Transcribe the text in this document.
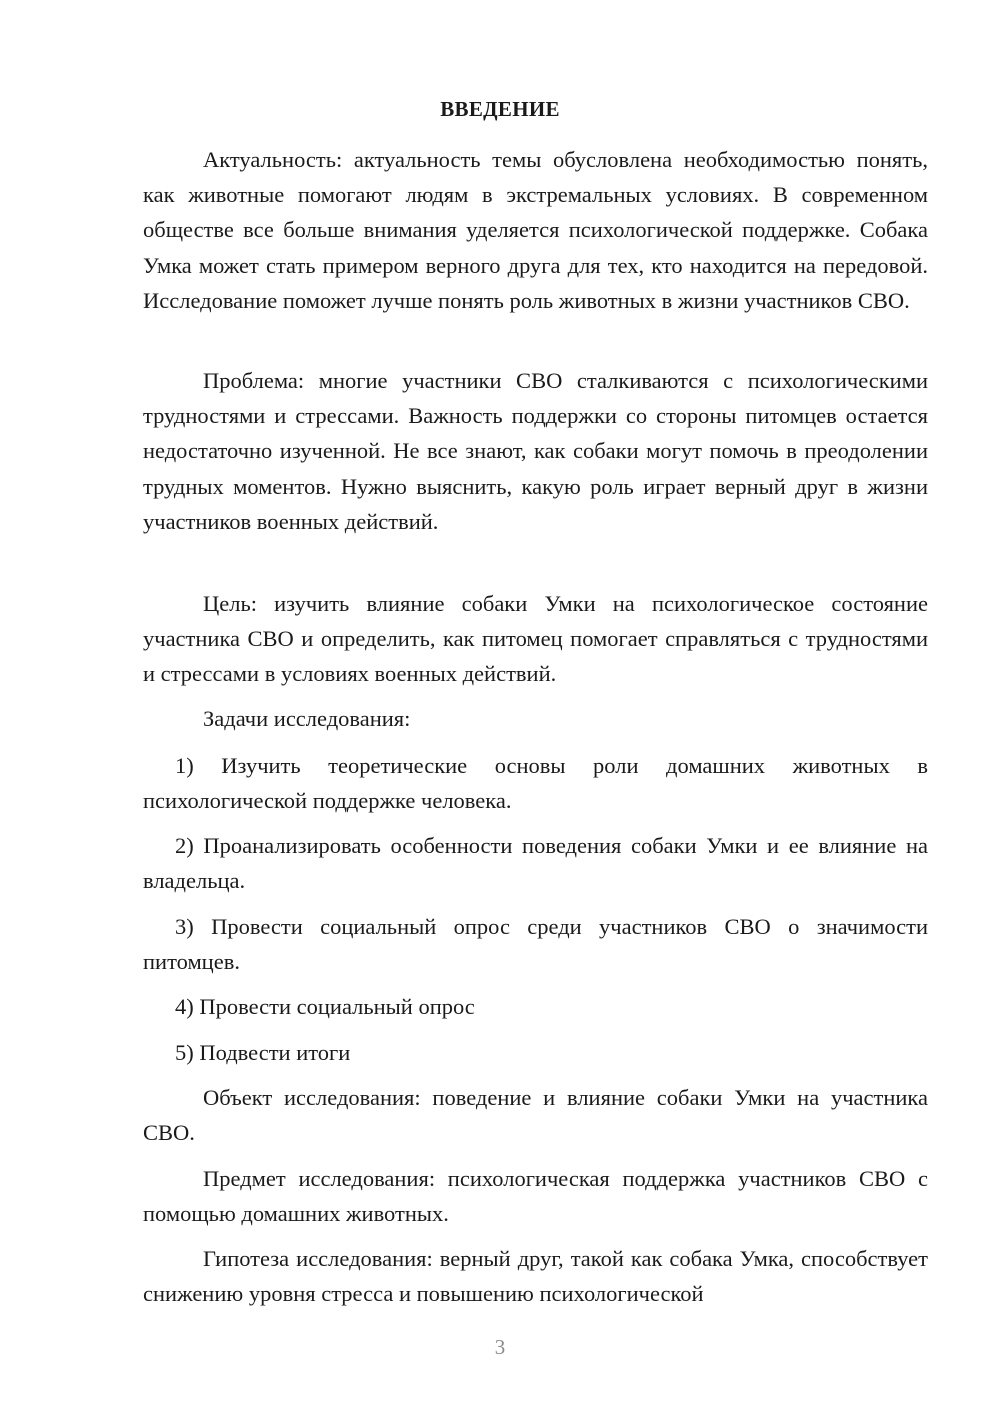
ВВЕДЕНИЕ

Актуальность: актуальность темы обусловлена необходимостью понять, как животные помогают людям в экстремальных условиях. В современном обществе все больше внимания уделяется психологической поддержке. Собака Умка может стать примером верного друга для тех, кто находится на передовой. Исследование поможет лучше понять роль животных в жизни участников СВО.

Проблема: многие участники СВО сталкиваются с психологическими трудностями и стрессами. Важность поддержки со стороны питомцев остается недостаточно изученной. Не все знают, как собаки могут помочь в преодолении трудных моментов. Нужно выяснить, какую роль играет верный друг в жизни участников военных действий.

Цель: изучить влияние собаки Умки на психологическое состояние участника СВО и определить, как питомец помогает справляться с трудностями и стрессами в условиях военных действий.

Задачи исследования:

1) Изучить теоретические основы роли домашних животных в психологической поддержке человека.

2) Проанализировать особенности поведения собаки Умки и ее влияние на владельца.

3) Провести социальный опрос среди участников СВО о значимости питомцев.

4) Провести социальный опрос

5) Подвести итоги

Объект исследования: поведение и влияние собаки Умки на участника СВО.

Предмет исследования: психологическая поддержка участников СВО с помощью домашних животных.

Гипотеза исследования: верный друг, такой как собака Умка, способствует снижению уровня стресса и повышению психологической

3
